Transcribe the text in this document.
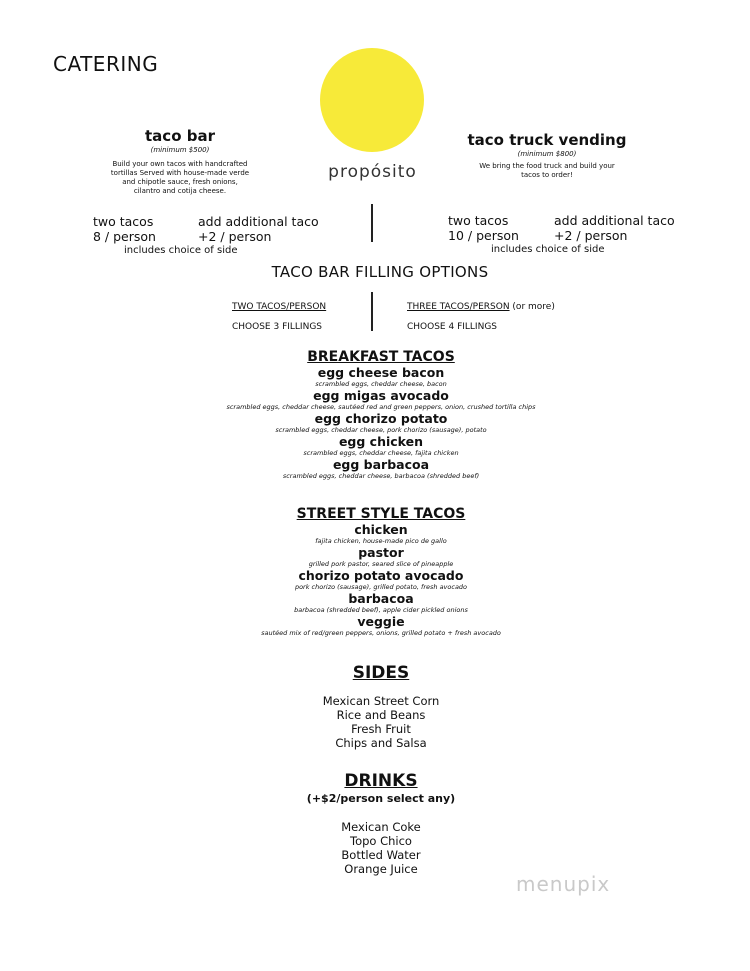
CATERING
propósito
taco bar
(minimum $500)
Build your own tacos with handcrafted tortillas Served with house-made verde and chipotle sauce, fresh onions, cilantro and cotija cheese.
two tacos
8 / person
add additional taco
+2 / person
includes choice of side
taco truck vending
(minimum $800)
We bring the food truck and build your tacos to order!
two tacos
10 / person
add additional taco
+2 / person
includes choice of side
TACO BAR FILLING OPTIONS
TWO TACOS/PERSON
CHOOSE 3 FILLINGS
THREE TACOS/PERSON (or more)
CHOOSE 4 FILLINGS
BREAKFAST TACOS
egg cheese bacon
scrambled eggs, cheddar cheese, bacon
egg migas avocado
scrambled eggs, cheddar cheese, sautéed red and green peppers, onion, crushed tortilla chips
egg chorizo potato
scrambled eggs, cheddar cheese, pork chorizo (sausage), potato
egg chicken
scrambled eggs, cheddar cheese, fajita chicken
egg barbacoa
scrambled eggs, cheddar cheese, barbacoa (shredded beef)
STREET STYLE TACOS
chicken
fajita chicken, house-made pico de gallo
pastor
grilled pork pastor, seared slice of pineapple
chorizo potato avocado
pork chorizo (sausage), grilled potato, fresh avocado
barbacoa
barbacoa (shredded beef), apple cider pickled onions
veggie
sautéed mix of red/green peppers, onions, grilled potato + fresh avocado
SIDES
Mexican Street Corn
Rice and Beans
Fresh Fruit
Chips and Salsa
DRINKS
(+$2/person select any)
Mexican Coke
Topo Chico
Bottled Water
Orange Juice
menupix
